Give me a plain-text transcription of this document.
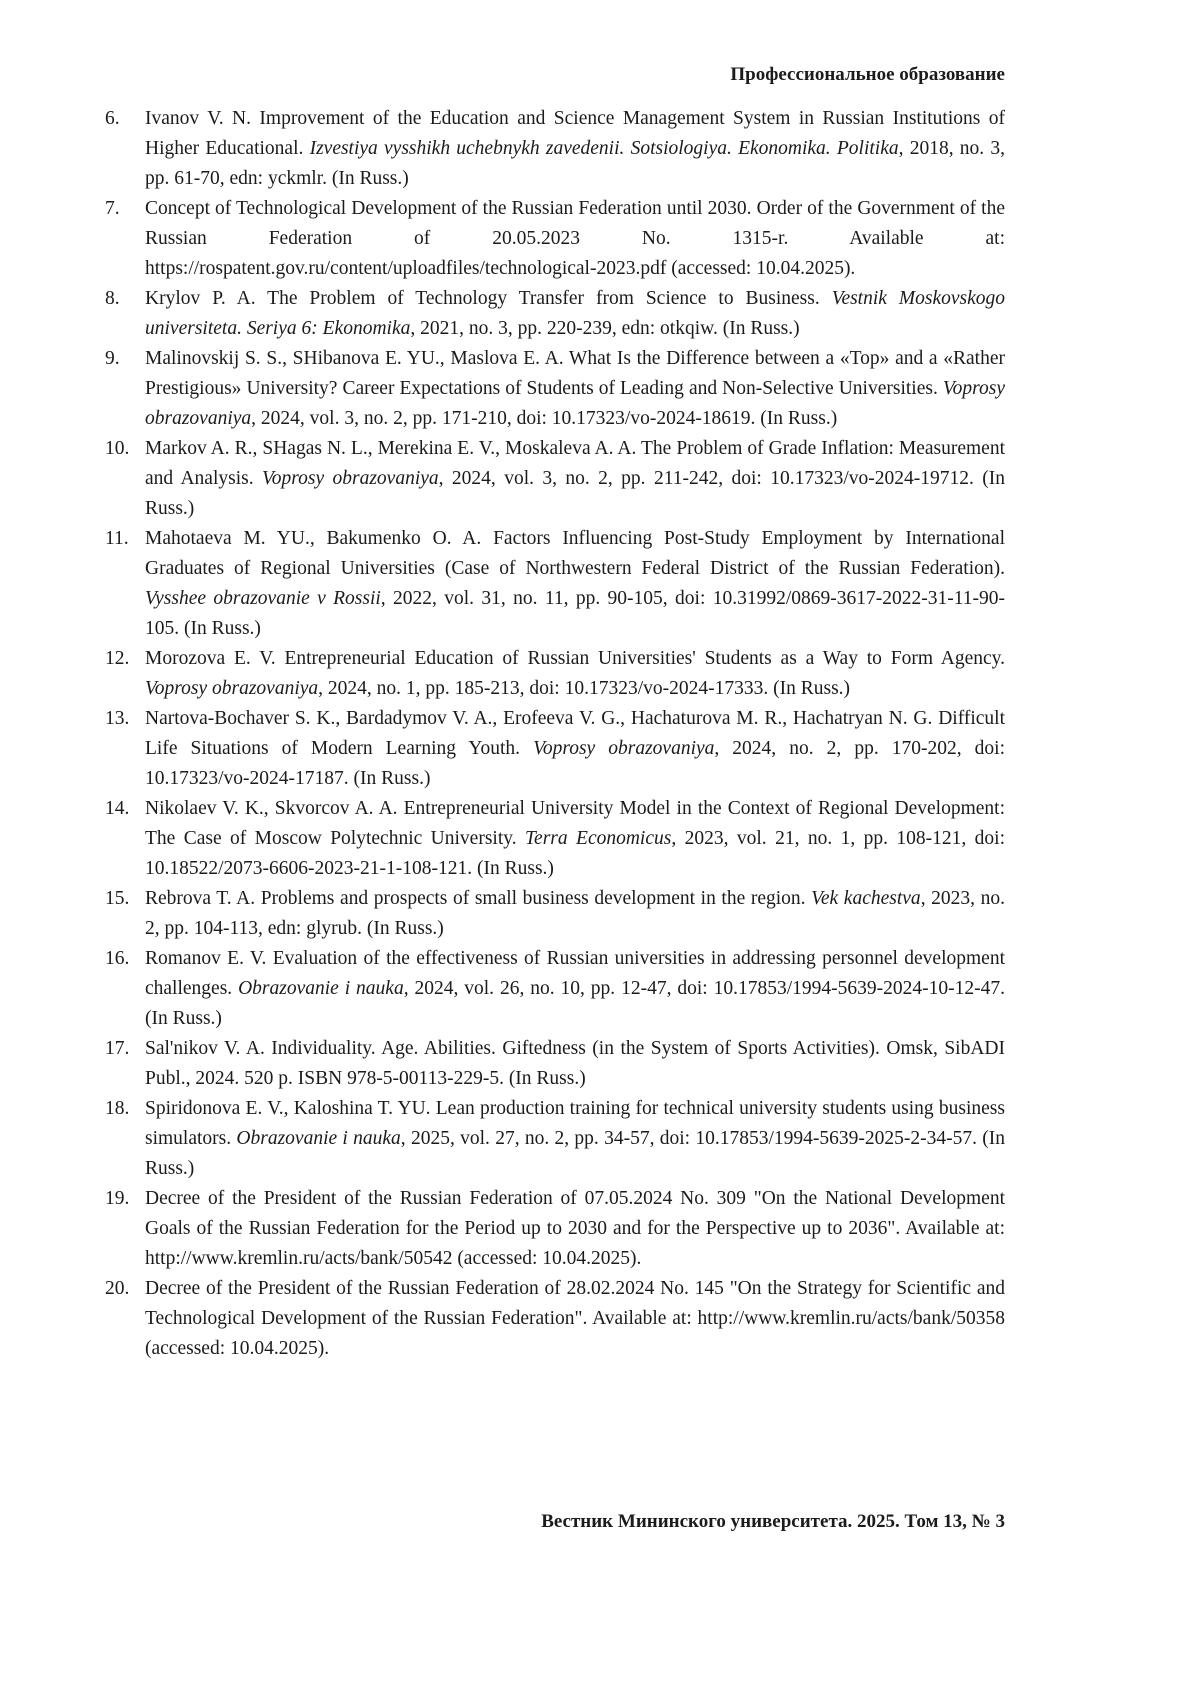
Профессиональное образование
6. Ivanov V. N. Improvement of the Education and Science Management System in Russian Institutions of Higher Educational. Izvestiya vysshikh uchebnykh zavedenii. Sotsiologiya. Ekonomika. Politika, 2018, no. 3, pp. 61-70, edn: yckmlr. (In Russ.)
7. Concept of Technological Development of the Russian Federation until 2030. Order of the Government of the Russian Federation of 20.05.2023 No. 1315-r. Available at: https://rospatent.gov.ru/content/uploadfiles/technological-2023.pdf (accessed: 10.04.2025).
8. Krylov P. A. The Problem of Technology Transfer from Science to Business. Vestnik Moskovskogo universiteta. Seriya 6: Ekonomika, 2021, no. 3, pp. 220-239, edn: otkqiw. (In Russ.)
9. Malinovskij S. S., SHibanova E. YU., Maslova E. A. What Is the Difference between a «Top» and a «Rather Prestigious» University? Career Expectations of Students of Leading and Non-Selective Universities. Voprosy obrazovaniya, 2024, vol. 3, no. 2, pp. 171-210, doi: 10.17323/vo-2024-18619. (In Russ.)
10. Markov A. R., SHagas N. L., Merekina E. V., Moskaleva A. A. The Problem of Grade Inflation: Measurement and Analysis. Voprosy obrazovaniya, 2024, vol. 3, no. 2, pp. 211-242, doi: 10.17323/vo-2024-19712. (In Russ.)
11. Mahotaeva M. YU., Bakumenko O. A. Factors Influencing Post-Study Employment by International Graduates of Regional Universities (Case of Northwestern Federal District of the Russian Federation). Vysshee obrazovanie v Rossii, 2022, vol. 31, no. 11, pp. 90-105, doi: 10.31992/0869-3617-2022-31-11-90-105. (In Russ.)
12. Morozova E. V. Entrepreneurial Education of Russian Universities' Students as a Way to Form Agency. Voprosy obrazovaniya, 2024, no. 1, pp. 185-213, doi: 10.17323/vo-2024-17333. (In Russ.)
13. Nartova-Bochaver S. K., Bardadymov V. A., Erofeeva V. G., Hachaturova M. R., Hachatryan N. G. Difficult Life Situations of Modern Learning Youth. Voprosy obrazovaniya, 2024, no. 2, pp. 170-202, doi: 10.17323/vo-2024-17187. (In Russ.)
14. Nikolaev V. K., Skvorcov A. A. Entrepreneurial University Model in the Context of Regional Development: The Case of Moscow Polytechnic University. Terra Economicus, 2023, vol. 21, no. 1, pp. 108-121, doi: 10.18522/2073-6606-2023-21-1-108-121. (In Russ.)
15. Rebrova T. A. Problems and prospects of small business development in the region. Vek kachestva, 2023, no. 2, pp. 104-113, edn: glyrub. (In Russ.)
16. Romanov E. V. Evaluation of the effectiveness of Russian universities in addressing personnel development challenges. Obrazovanie i nauka, 2024, vol. 26, no. 10, pp. 12-47, doi: 10.17853/1994-5639-2024-10-12-47. (In Russ.)
17. Sal'nikov V. A. Individuality. Age. Abilities. Giftedness (in the System of Sports Activities). Omsk, SibADI Publ., 2024. 520 p. ISBN 978-5-00113-229-5. (In Russ.)
18. Spiridonova E. V., Kaloshina T. YU. Lean production training for technical university students using business simulators. Obrazovanie i nauka, 2025, vol. 27, no. 2, pp. 34-57, doi: 10.17853/1994-5639-2025-2-34-57. (In Russ.)
19. Decree of the President of the Russian Federation of 07.05.2024 No. 309 "On the National Development Goals of the Russian Federation for the Period up to 2030 and for the Perspective up to 2036". Available at: http://www.kremlin.ru/acts/bank/50542 (accessed: 10.04.2025).
20. Decree of the President of the Russian Federation of 28.02.2024 No. 145 "On the Strategy for Scientific and Technological Development of the Russian Federation". Available at: http://www.kremlin.ru/acts/bank/50358 (accessed: 10.04.2025).
Вестник Мининского университета. 2025. Том 13, № 3
